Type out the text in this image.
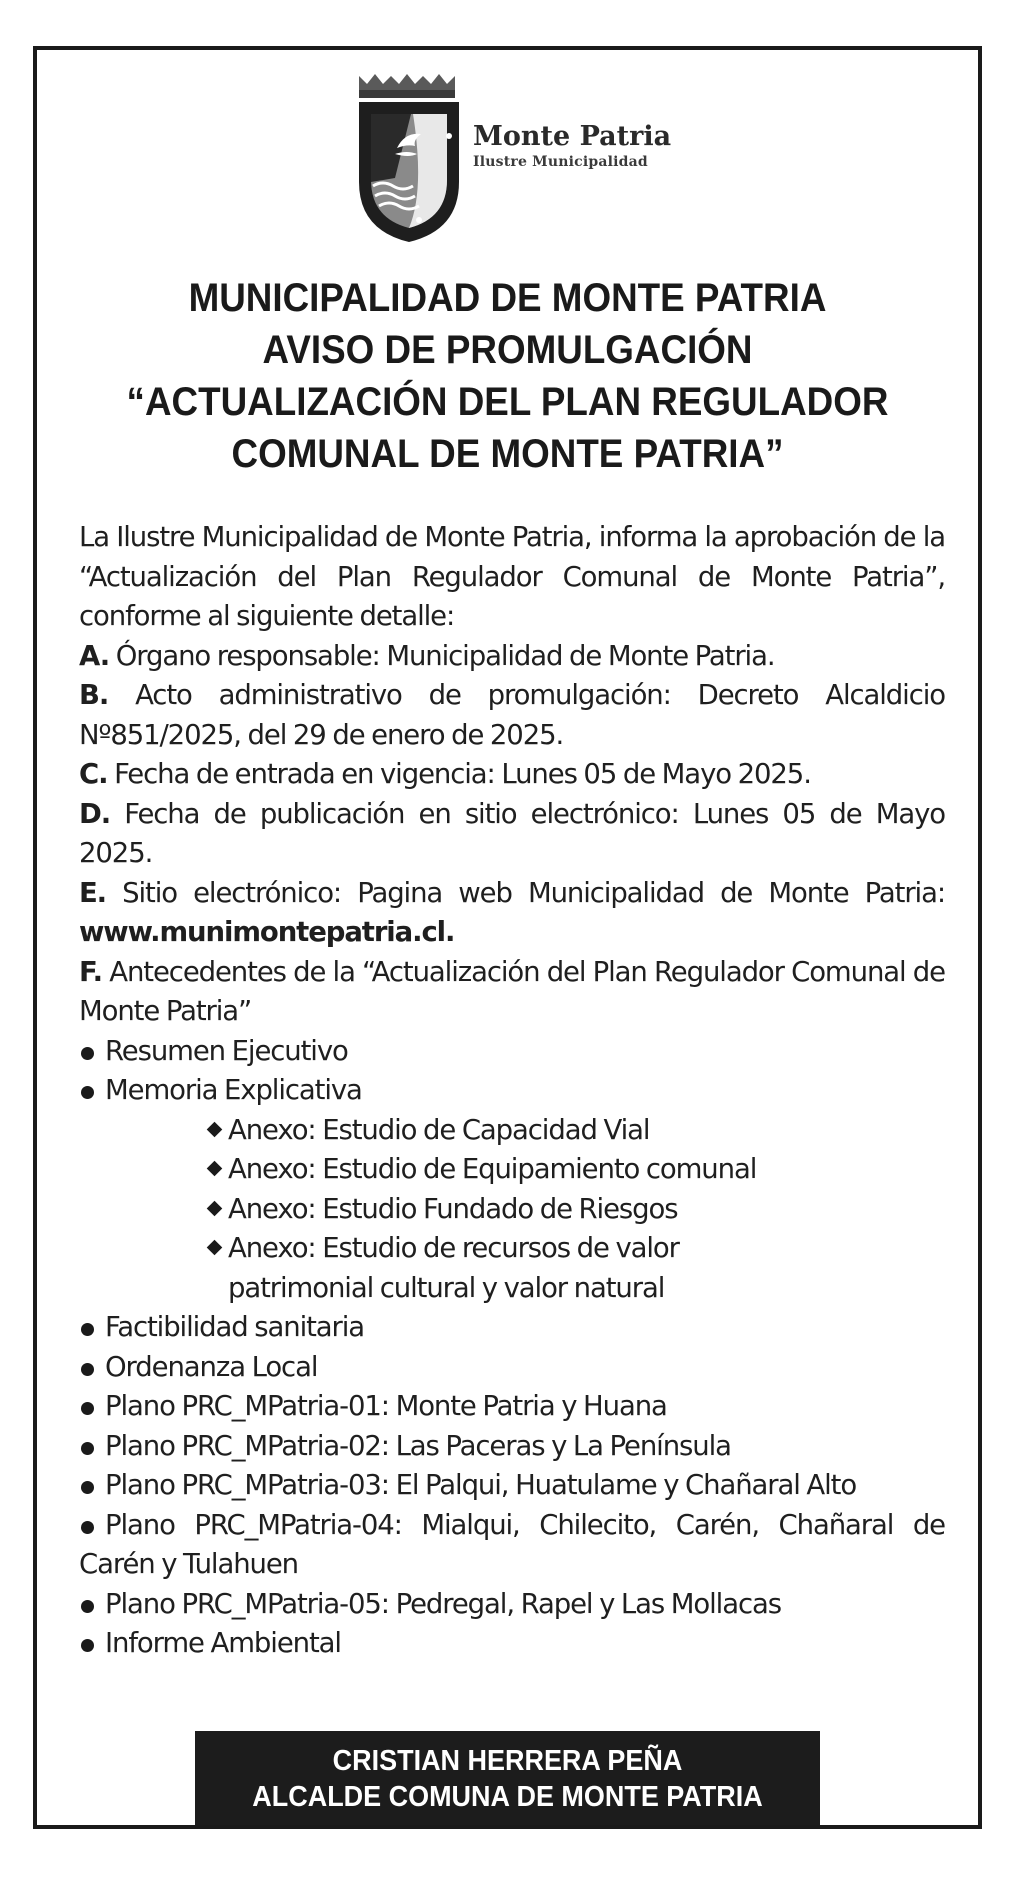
Monte Patria
Ilustre Municipalidad
MUNICIPALIDAD DE MONTE PATRIA
AVISO DE PROMULGACIÓN
“ACTUALIZACIÓN DEL PLAN REGULADOR
COMUNAL DE MONTE PATRIA”

La Ilustre Municipalidad de Monte Patria, informa la aprobación de la “Actualización del Plan Regulador Comunal de Monte Patria”, conforme al siguiente detalle:

A. Órgano responsable: Municipalidad de Monte Patria.

B. Acto administrativo de promulgación: Decreto Alcaldicio Nº851/2025, del 29 de enero de 2025.

C. Fecha de entrada en vigencia: Lunes 05 de Mayo 2025.

D. Fecha de publicación en sitio electrónico: Lunes 05 de Mayo 2025.

E. Sitio electrónico: Pagina web Municipalidad de Monte Patria: www.munimontepatria.cl.

F. Antecedentes de la “Actualización del Plan Regulador Comunal de Monte Patria”

Resumen Ejecutivo
Memoria Explicativa
Anexo: Estudio de Capacidad Vial
Anexo: Estudio de Equipamiento comunal
Anexo: Estudio Fundado de Riesgos
Anexo: Estudio de recursos de valor patrimonial cultural y valor natural
Factibilidad sanitaria
Ordenanza Local
Plano PRC_MPatria-01: Monte Patria y Huana
Plano PRC_MPatria-02: Las Paceras y La Península
Plano PRC_MPatria-03: El Palqui, Huatulame y Chañaral Alto
Plano PRC_MPatria-04: Mialqui, Chilecito, Carén, Chañaral de Carén y Tulahuen
Plano PRC_MPatria-05: Pedregal, Rapel y Las Mollacas
Informe Ambiental
CRISTIAN HERRERA PEÑA
ALCALDE COMUNA DE MONTE PATRIA
